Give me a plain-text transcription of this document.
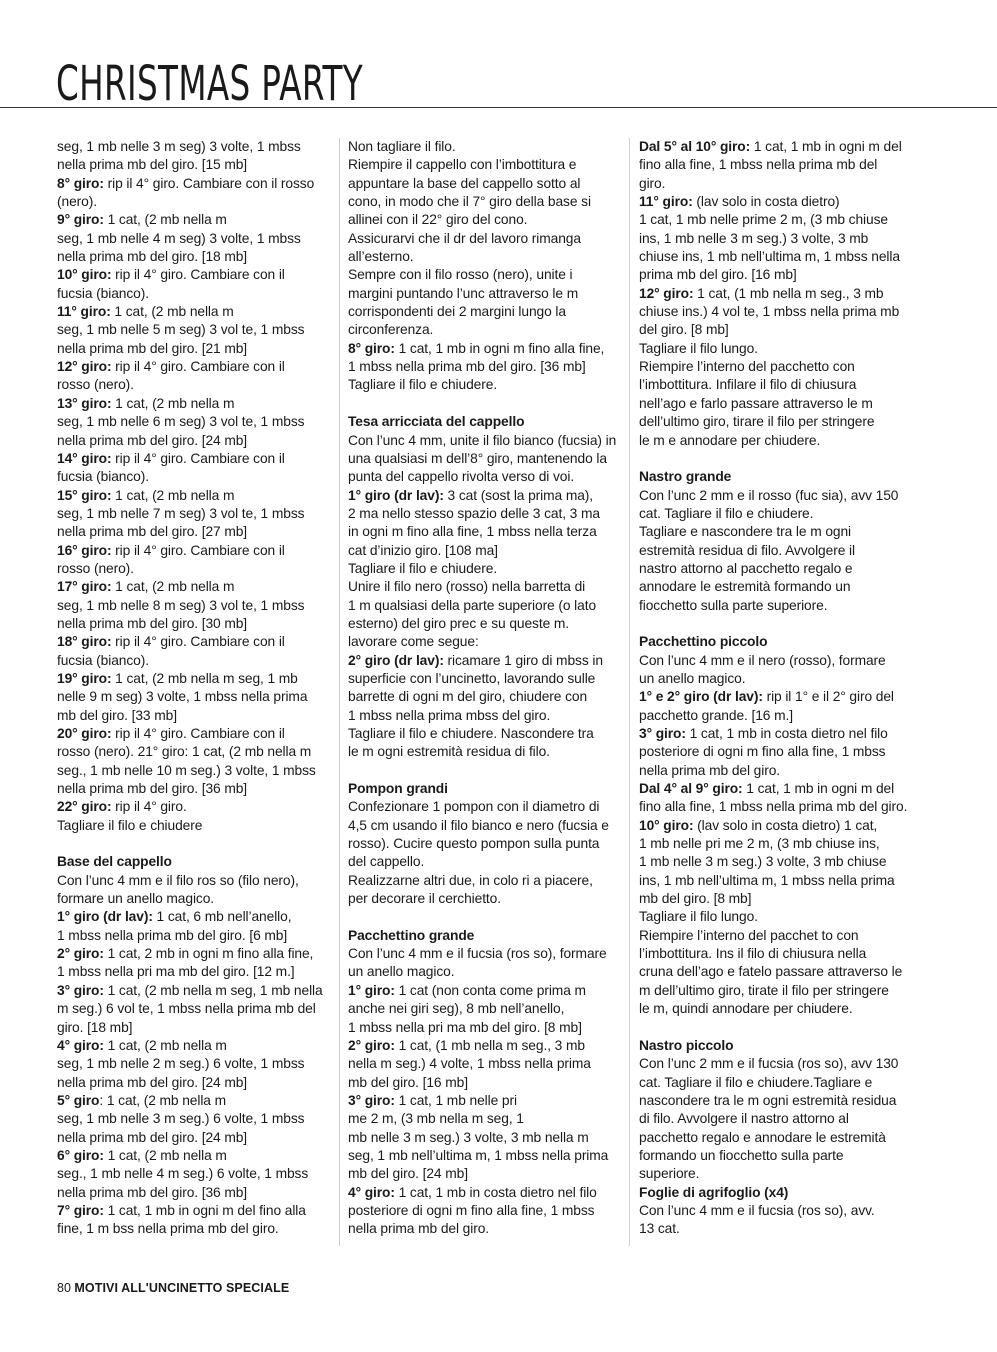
CHRISTMAS PARTY
seg, 1 mb nelle 3 m seg) 3 volte, 1 mbss
nella prima mb del giro. [15 mb]
8° giro: rip il 4° giro. Cambiare con il rosso
(nero).
9° giro: 1 cat, (2 mb nella m
seg, 1 mb nelle 4 m seg) 3 volte, 1 mbss
nella prima mb del giro. [18 mb]
10° giro: rip il 4° giro. Cambiare con il
fucsia (bianco).
11° giro: 1 cat, (2 mb nella m
seg, 1 mb nelle 5 m seg) 3 vol te, 1 mbss
nella prima mb del giro. [21 mb]
12° giro: rip il 4° giro. Cambiare con il
rosso (nero).
13° giro: 1 cat, (2 mb nella m
seg, 1 mb nelle 6 m seg) 3 vol te, 1 mbss
nella prima mb del giro. [24 mb]
14° giro: rip il 4° giro. Cambiare con il
fucsia (bianco).
15° giro: 1 cat, (2 mb nella m
seg, 1 mb nelle 7 m seg) 3 vol te, 1 mbss
nella prima mb del giro. [27 mb]
16° giro: rip il 4° giro. Cambiare con il
rosso (nero).
17° giro: 1 cat, (2 mb nella m
seg, 1 mb nelle 8 m seg) 3 vol te, 1 mbss
nella prima mb del giro. [30 mb]
18° giro: rip il 4° giro. Cambiare con il
fucsia (bianco).
19° giro: 1 cat, (2 mb nella m seg, 1 mb
nelle 9 m seg) 3 volte, 1 mbss nella prima
mb del giro. [33 mb]
20° giro: rip il 4° giro. Cambiare con il
rosso (nero). 21° giro: 1 cat, (2 mb nella m
seg., 1 mb nelle 10 m seg.) 3 volte, 1 mbss
nella prima mb del giro. [36 mb]
22° giro: rip il 4° giro.
Tagliare il filo e chiudere
Base del cappello
Con l’unc 4 mm e il filo ros so (filo nero),
formare un anello magico.
1° giro (dr lav): 1 cat, 6 mb nell’anello,
1 mbss nella prima mb del giro. [6 mb]
2° giro: 1 cat, 2 mb in ogni m fino alla fine,
1 mbss nella pri ma mb del giro. [12 m.]
3° giro: 1 cat, (2 mb nella m seg, 1 mb nella
m seg.) 6 vol te, 1 mbss nella prima mb del
giro. [18 mb]
4° giro: 1 cat, (2 mb nella m
seg, 1 mb nelle 2 m seg.) 6 volte, 1 mbss
nella prima mb del giro. [24 mb]
5° giro: 1 cat, (2 mb nella m
seg, 1 mb nelle 3 m seg.) 6 volte, 1 mbss
nella prima mb del giro. [24 mb]
6° giro: 1 cat, (2 mb nella m
seg., 1 mb nelle 4 m seg.) 6 volte, 1 mbss
nella prima mb del giro. [36 mb]
7° giro: 1 cat, 1 mb in ogni m del fino alla
fine, 1 m bss nella prima mb del giro.
Non tagliare il filo.
Riempire il cappello con l’imbottitura e
appuntare la base del cappello sotto al
cono, in modo che il 7° giro della base si
allinei con il 22° giro del cono.
Assicurarvi che il dr del lavoro rimanga
all’esterno.
Sempre con il filo rosso (nero), unite i
margini puntando l’unc attraverso le m
corrispondenti dei 2 margini lungo la
circonferenza.
8° giro: 1 cat, 1 mb in ogni m fino alla fine,
1 mbss nella prima mb del giro. [36 mb]
Tagliare il filo e chiudere.
Tesa arricciata del cappello
Con l’unc 4 mm, unite il filo bianco (fucsia) in
una qualsiasi m dell’8° giro, mantenendo la
punta del cappello rivolta verso di voi.
1° giro (dr lav): 3 cat (sost la prima ma),
2 ma nello stesso spazio delle 3 cat, 3 ma
in ogni m fino alla fine, 1 mbss nella terza
cat d’inizio giro. [108 ma]
Tagliare il filo e chiudere.
Unire il filo nero (rosso) nella barretta di
1 m qualsiasi della parte superiore (o lato
esterno) del giro prec e su queste m.
lavorare come segue:
2° giro (dr lav): ricamare 1 giro di mbss in
superficie con l’uncinetto, lavorando sulle
barrette di ogni m del giro, chiudere con
1 mbss nella prima mbss del giro.
Tagliare il filo e chiudere. Nascondere tra
le m ogni estremità residua di filo.
Pompon grandi
Confezionare 1 pompon con il diametro di
4,5 cm usando il filo bianco e nero (fucsia e
rosso). Cucire questo pompon sulla punta
del cappello.
Realizzarne altri due, in colo ri a piacere,
per decorare il cerchietto.
Pacchettino grande
Con l’unc 4 mm e il fucsia (ros so), formare
un anello magico.
1° giro: 1 cat (non conta come prima m
anche nei giri seg), 8 mb nell’anello,
1 mbss nella pri ma mb del giro. [8 mb]
2° giro: 1 cat, (1 mb nella m seg., 3 mb
nella m seg.) 4 volte, 1 mbss nella prima
mb del giro. [16 mb]
3° giro: 1 cat, 1 mb nelle pri
me 2 m, (3 mb nella m seg, 1
mb nelle 3 m seg.) 3 volte, 3 mb nella m
seg, 1 mb nell’ultima m, 1 mbss nella prima
mb del giro. [24 mb]
4° giro: 1 cat, 1 mb in costa dietro nel filo
posteriore di ogni m fino alla fine, 1 mbss
nella prima mb del giro.
Dal 5° al 10° giro: 1 cat, 1 mb in ogni m del
fino alla fine, 1 mbss nella prima mb del
giro.
11° giro: (lav solo in costa dietro)
1 cat, 1 mb nelle prime 2 m, (3 mb chiuse
ins, 1 mb nelle 3 m seg.) 3 volte, 3 mb
chiuse ins, 1 mb nell’ultima m, 1 mbss nella
prima mb del giro. [16 mb]
12° giro: 1 cat, (1 mb nella m seg., 3 mb
chiuse ins.) 4 vol te, 1 mbss nella prima mb
del giro. [8 mb]
Tagliare il filo lungo.
Riempire l’interno del pacchetto con
l’imbottitura. Infilare il filo di chiusura
nell’ago e farlo passare attraverso le m
dell’ultimo giro, tirare il filo per stringere
le m e annodare per chiudere.
Nastro grande
Con l’unc 2 mm e il rosso (fuc sia), avv 150
cat. Tagliare il filo e chiudere.
Tagliare e nascondere tra le m ogni
estremità residua di filo. Avvolgere il
nastro attorno al pacchetto regalo e
annodare le estremità formando un
fiocchetto sulla parte superiore.
Pacchettino piccolo
Con l’unc 4 mm e il nero (rosso), formare
un anello magico.
1° e 2° giro (dr lav): rip il 1° e il 2° giro del
pacchetto grande. [16 m.]
3° giro: 1 cat, 1 mb in costa dietro nel filo
posteriore di ogni m fino alla fine, 1 mbss
nella prima mb del giro.
Dal 4° al 9° giro: 1 cat, 1 mb in ogni m del
fino alla fine, 1 mbss nella prima mb del giro.
10° giro: (lav solo in costa dietro) 1 cat,
1 mb nelle pri me 2 m, (3 mb chiuse ins,
1 mb nelle 3 m seg.) 3 volte, 3 mb chiuse
ins, 1 mb nell’ultima m, 1 mbss nella prima
mb del giro. [8 mb]
Tagliare il filo lungo.
Riempire l’interno del pacchet to con
l’imbottitura. Ins il filo di chiusura nella
cruna dell’ago e fatelo passare attraverso le
m dell’ultimo giro, tirate il filo per stringere
le m, quindi annodare per chiudere.
Nastro piccolo
Con l’unc 2 mm e il fucsia (ros so), avv 130
cat. Tagliare il filo e chiudere.Tagliare e
nascondere tra le m ogni estremità residua
di filo. Avvolgere il nastro attorno al
pacchetto regalo e annodare le estremità
formando un fiocchetto sulla parte
superiore.
Foglie di agrifoglio (x4)
Con l’unc 4 mm e il fucsia (ros so), avv.
13 cat.
80 MOTIVI ALL'UNCINETTO SPECIALE
